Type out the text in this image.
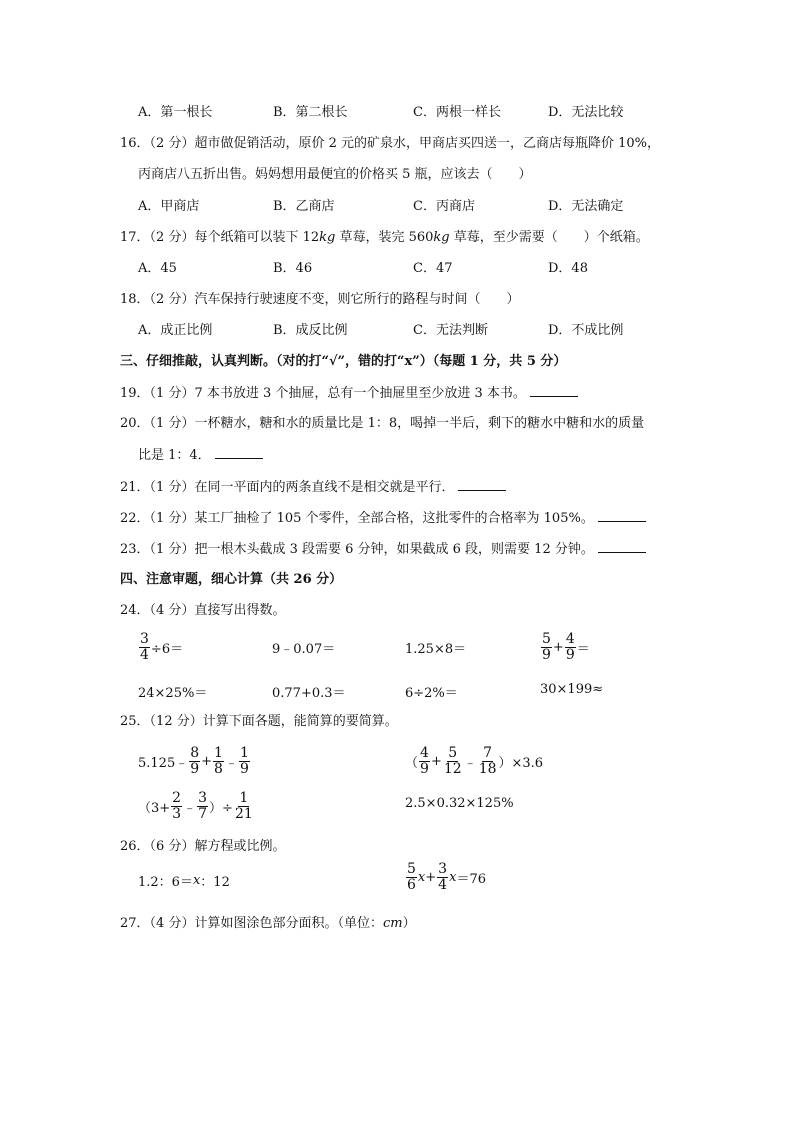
A．第一根长	B．第二根长	C．两根一样长	D．无法比较
16．（2 分）超市做促销活动，原价 2 元的矿泉水，甲商店买四送一，乙商店每瓶降价 10%，
丙商店八五折出售。妈妈想用最便宜的价格买 5 瓶，应该去（　　）
A．甲商店	B．乙商店	C．丙商店	D．无法确定
17．（2 分）每个纸箱可以装下 12kg 草莓，装完 560kg 草莓，至少需要（　　）个纸箱。
A．45	B．46	C．47	D．48
18．（2 分）汽车保持行驶速度不变，则它所行的路程与时间（　　）
A．成正比例	B．成反比例	C．无法判断	D．不成比例
三、仔细推敲，认真判断。（对的打“√”，错的打“x”）（每题 1 分，共 5 分）
19．（1 分）7 本书放进 3 个抽屉，总有一个抽屉里至少放进 3 本书。
20．（1 分）一杯糖水，糖和水的质量比是 1：8，喝掉一半后，剩下的糖水中糖和水的质量
比是 1：4．
21．（1 分）在同一平面内的两条直线不是相交就是平行．
22．（1 分）某工厂抽检了 105 个零件，全部合格，这批零件的合格率为 105%。
23．（1 分）把一根木头截成 3 段需要 6 分钟，如果截成 6 段，则需要 12 分钟。
四、注意审题，细心计算（共 26 分）
24．（4 分）直接写出得数。
$\frac{3}{4} \div 6=$	9﹣0.07＝	1.25×8＝	$\frac{5}{9} + \frac{4}{9}$ ＝
24×25%＝	0.77+0.3＝	6÷2%＝	30×199≈
25．（12 分）计算下面各题，能简算的要简算。
5.125﹣ $\frac{8}{9} + \frac{1}{8}$ ﹣ $\frac{1}{9}$	（ $\frac{4}{9} + \frac{5}{12}$ ﹣ $\frac{7}{18} )\times 3.6$
（$3+ \frac{2}{3}$ ﹣ $\frac{3}{7}$ ）÷ $\frac{1}{21}$	2.5×0.32×125%
26．（6 分）解方程或比例。
1.2：6＝ x ：12	$\frac{5}{6}$ $x + \frac{3}{4}$ x ＝76
27．（4 分）计算如图涂色部分面积。（单位：cm）
